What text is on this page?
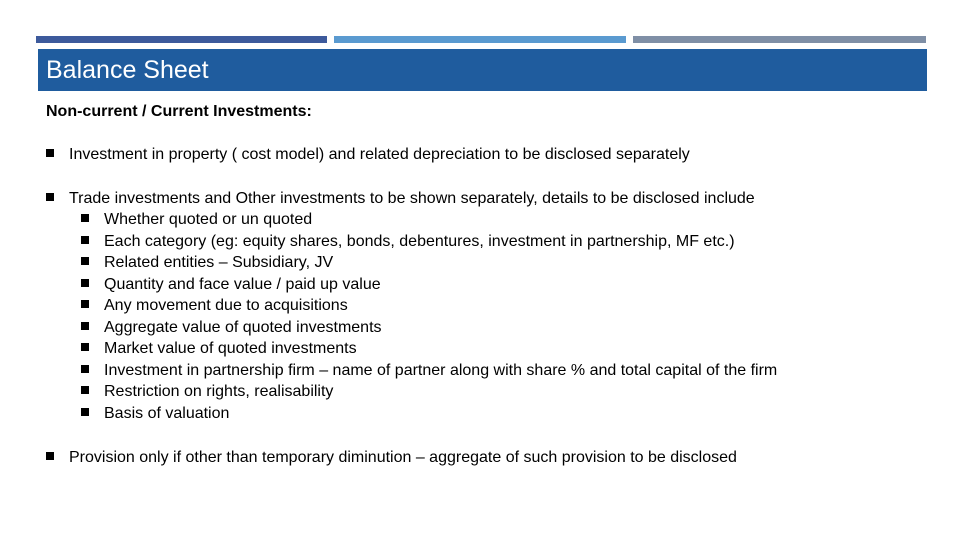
Balance Sheet
Non-current / Current Investments:
Investment in property ( cost model) and related depreciation to be disclosed separately
Trade investments and Other investments to be shown separately, details to be disclosed include
Whether quoted or un quoted
Each category (eg: equity shares, bonds, debentures, investment in partnership, MF etc.)
Related entities – Subsidiary, JV
Quantity and face value / paid up value
Any movement due to acquisitions
Aggregate value of quoted investments
Market value of quoted investments
Investment in partnership firm – name of partner along with share % and total capital of the firm
Restriction on rights, realisability
Basis of valuation
Provision only if other than temporary diminution – aggregate of such provision to be disclosed
